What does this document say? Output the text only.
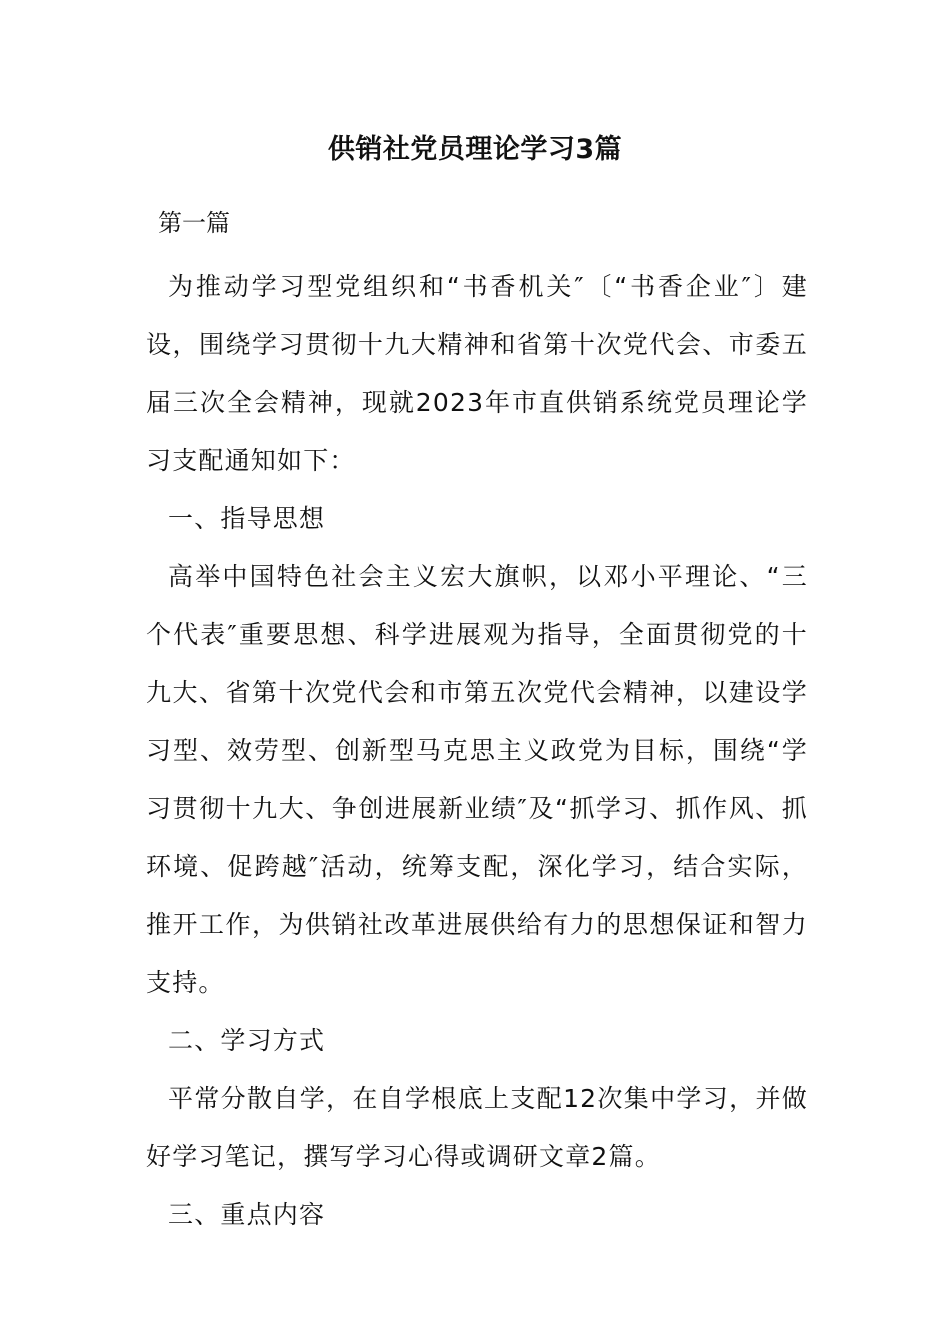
供销社党员理论学习3篇
第一篇

为推动学习型党组织和“书香机关″〔“书香企业″〕建设，围绕学习贯彻十九大精神和省第十次党代会、市委五届三次全会精神，现就2023年市直供销系统党员理论学习支配通知如下：

一、指导思想

高举中国特色社会主义宏大旗帜，以邓小平理论、“三个代表″重要思想、科学进展观为指导，全面贯彻党的十九大、省第十次党代会和市第五次党代会精神，以建设学习型、效劳型、创新型马克思主义政党为目标，围绕“学习贯彻十九大、争创进展新业绩″及“抓学习、抓作风、抓环境、促跨越″活动，统筹支配，深化学习，结合实际，推开工作，为供销社改革进展供给有力的思想保证和智力支持。

二、学习方式

平常分散自学，在自学根底上支配12次集中学习，并做好学习笔记，撰写学习心得或调研文章2篇。

三、重点内容
